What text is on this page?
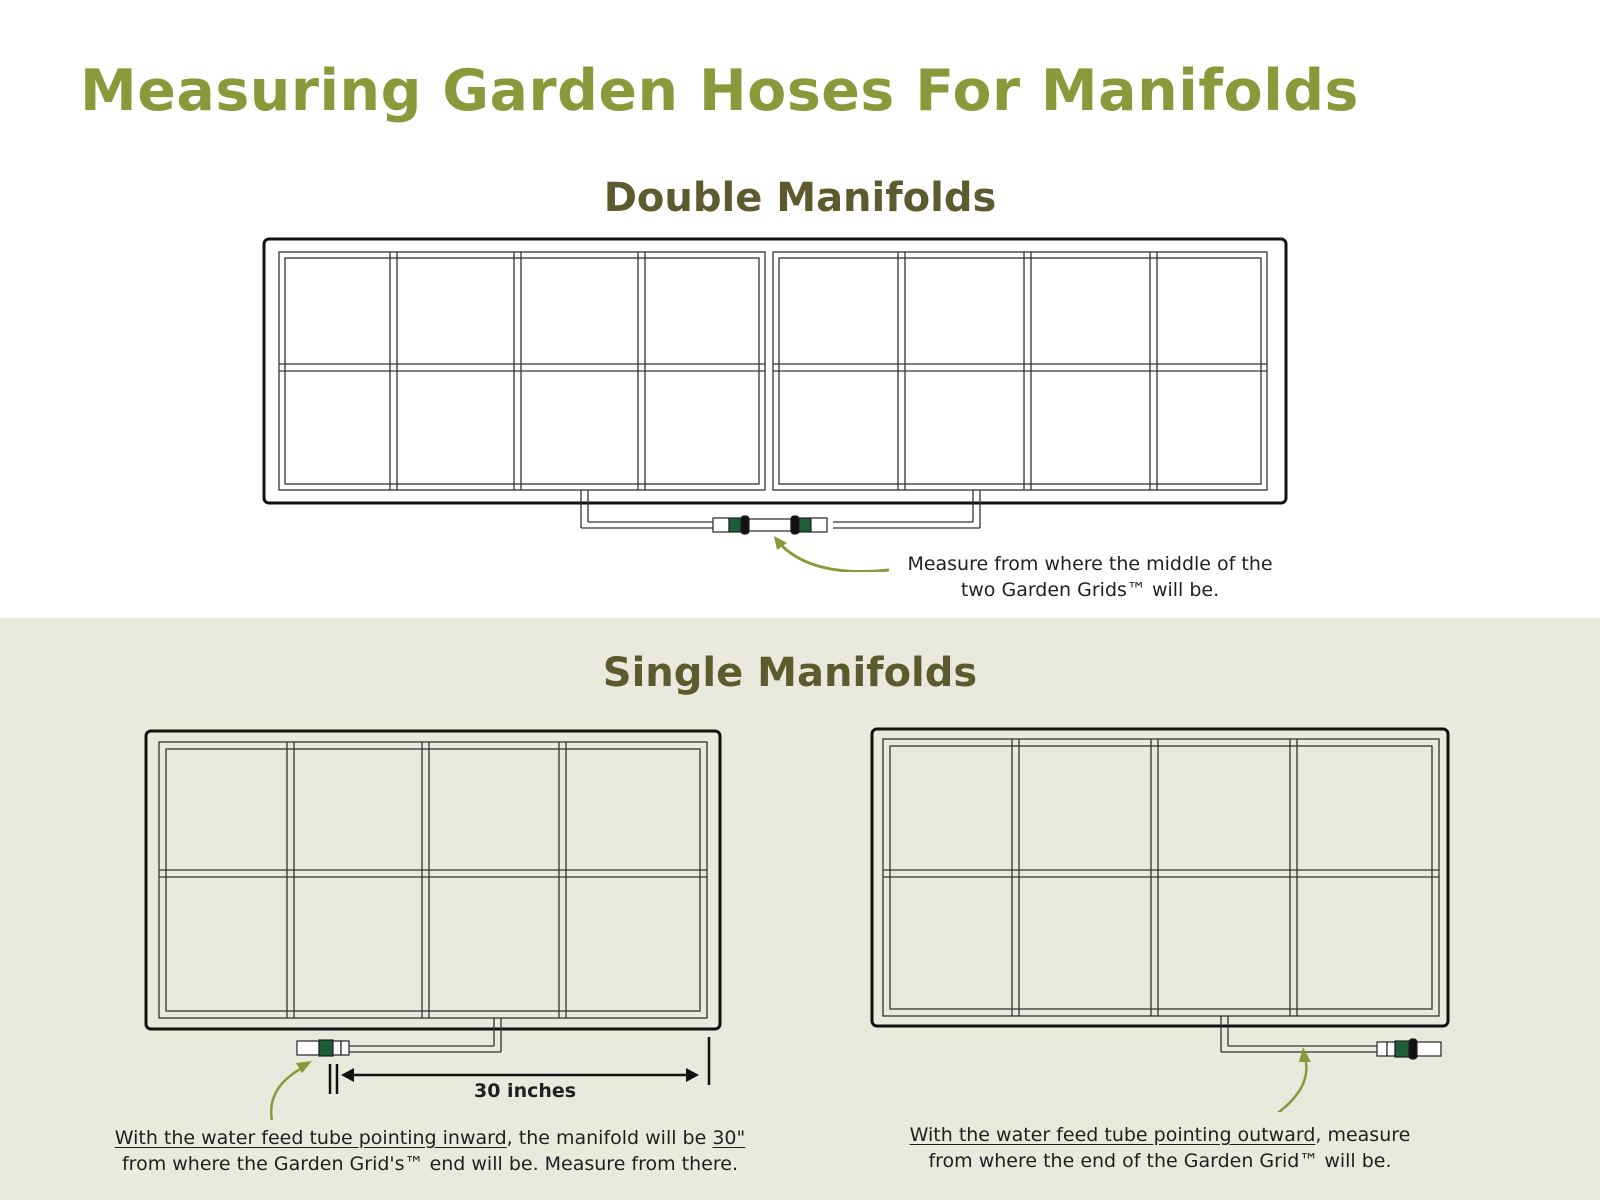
Measuring Garden Hoses For Manifolds
Double Manifolds

Measure from where the middle of the
two Garden Grids™ will be.

Single Manifolds

30 inches

With the water feed tube pointing inward, the manifold will be 30"
from where the Garden Grid's™ end will be. Measure from there.

With the water feed tube pointing outward, measure
from where the end of the Garden Grid™ will be.
